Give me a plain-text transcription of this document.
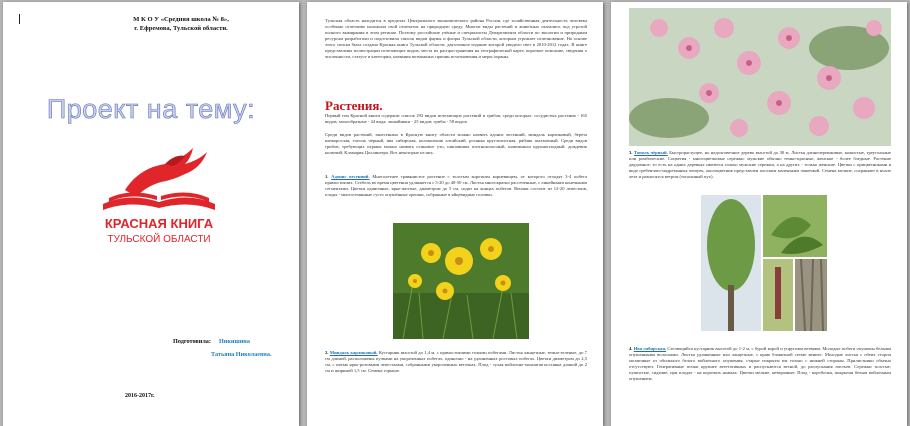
М К О У «Средняя школа № 8»,
г. Ефремова, Тульской области.
Проект на тему:
КРАСНАЯ КНИГА
ТУЛЬСКОЙ ОБЛАСТИ
Подготовила: Никишина
Татьяна Николаевна.
2016-2017г.

Тульская область находится в пределах Центрального экономического района России, где хозяйственная деятельность человека особенно отчетливо наложила свой отпечаток на природную среду. Многие виды растений и животных оказались под угрозой полного вымирания в этом регионе. Поэтому российские учёные и специалисты Департамента области по экологии и природным ресурсам разработали и подготовили список видов фауны и флоры Тульской области, которым угрожает исчезновение. На основе этого списка была создана Красная книга Тульской области, двухтомное издание которой увидело свет в 2010-2012 годах. В книге представлены иллюстрации исчезающих видов, места их распространения на географической карте, короткое описание, сведения о численности, статусе и категории, названия возможных причин исчезновения и меры охраны.

Растения.

Первый том Красной книги содержит список 292 видов исчезающих растений и грибов, среди которых: сосудистых растения - 165 видов; мохообразные - 44 вида; лишайники - 25 видов; грибы - 58 видов.

Среди видов растений, занесенных в Красную книгу области можно назвать адонис весенний, миндаль карликовый, берёза низкорослая, тополь чёрный, ива сибирская, колокольчик алтайский, росянка круглолистная, рябчик шахматный. Среди видов грибов, требующих охраны можно назвать осиновое ухо, шиповника плотноколосный, шампиньон крупноплодный, дождевик колючий, Кламария Цоллингера. Вот некоторые из них.

1. Адонис весенний. Многолетнее травянистое растение с толстым коротким корневищем, от которого отходят 3-4 побега прямостоячих. Стебель во время цветения удлиняется с 5-20 до 40-50 см. Листья многократно рассеченные, с линейными конечными сегментами. Цветки одиночные, ярко-желтые, диаметром до 5 см, сидят на концах побегов. Венчик состоит из 12-20 лепестков, плоды - многосемянные густо опушённые орешки, собранные в яйцевидные головки.

2. Миндаль карликовый. Кустарник высотой до 1,4 м, с прямостоячими голыми побегами. Листья ланцетные, темно-зеленые, до 7 см длиной, расположены пучками на укороченных побегах, одиночно - на удлиненных ростовых побегах. Цветки диаметром до 2,5 см, с пятью ярко-розовыми лепестками, собранными укороченных веточках. Плод - сухая войлочно-мохнатая костянка длиной до 2 см и шириной 1,5 см. Семена горькие.

3. Тополь чёрный. Быстрорастущее, но недолговечное дерево высотой до 30 м. Листья длиночерешковые, кожистые, треугольные или ромбические. Соцветия - многоцветковые сережки: мужские обычно темно-красные, женские - более бледные. Растение двудомное: то есть на одних деревьях имеются только мужские сережки, а на других - только женские. Цветки с прицветниками в виде гребенчато-надрезанных чешуек, околоцветник представлен плоским маленьким чашечкой. Семена мелкие, сохраняют в нчале лета и разносятся ветром (тополиный пух).

4. Ива сибирская. Стелющийся кустарник высотой до 1-2 м, с бурой корой и упругими ветвями. Молодые побеги опушены белыми опушенными волосками. Листья удлиненные или ланцетные, с краю блакитной сетью вените. Молодые листья с обеих сторон мозаичные от обильного белого войлочного опушения, старые покрыты им только с нижней стороны. Прилистники обычно отсутствуют. Генеративные почки крупнее вегетативных и распускаются весной, до распускания листьев. Сережки толстые, пушистые, сидячие, при плодах - на коротких ножках. Цветки мелкие, невзрачные. Плод - коробочка, покрытая белым войлочным опушением.
